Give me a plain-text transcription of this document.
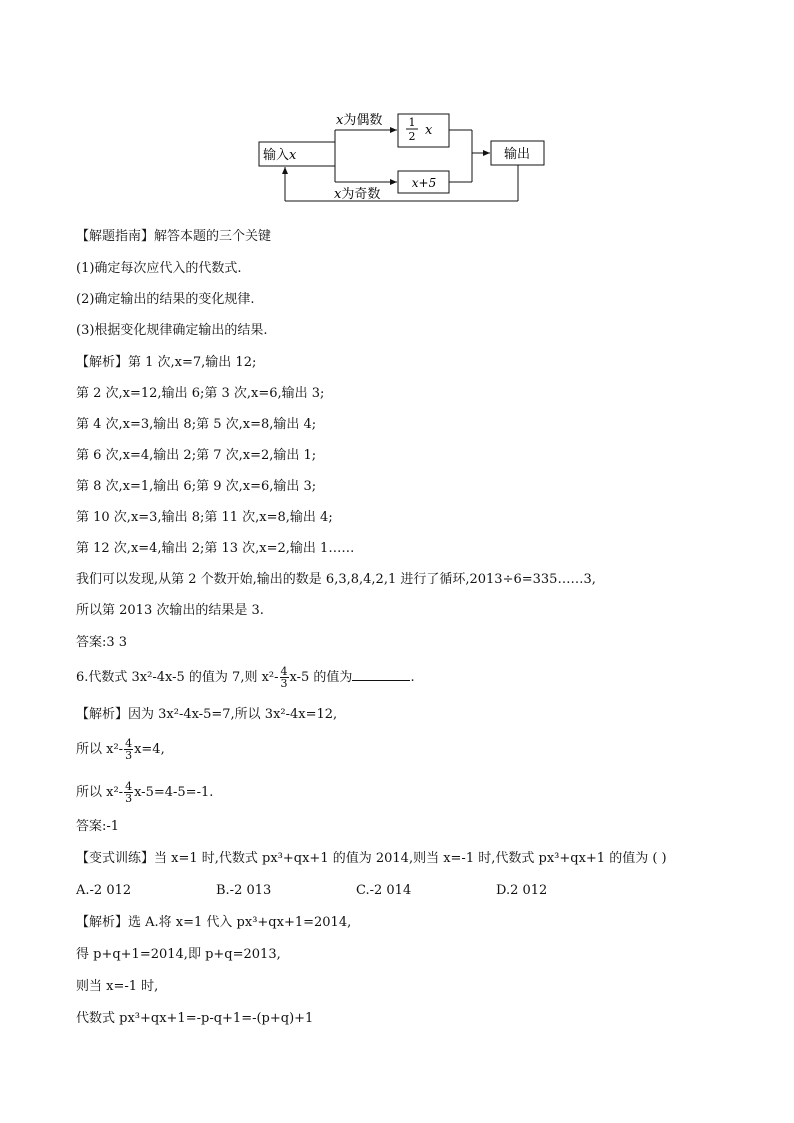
输入x
x为偶数
x为奇数
1
2 x
x+5
输出
【解题指南】解答本题的三个关键
(1)确定每次应代入的代数式.
(2)确定输出的结果的变化规律.
(3)根据变化规律确定输出的结果.
【解析】第 1 次,x=7,输出 12;
第 2 次,x=12,输出 6;第 3 次,x=6,输出 3;
第 4 次,x=3,输出 8;第 5 次,x=8,输出 4;
第 6 次,x=4,输出 2;第 7 次,x=2,输出 1;
第 8 次,x=1,输出 6;第 9 次,x=6,输出 3;
第 10 次,x=3,输出 8;第 11 次,x=8,输出 4;
第 12 次,x=4,输出 2;第 13 次,x=2,输出 1……
我们可以发现,从第 2 个数开始,输出的数是 6,3,8,4,2,1 进行了循环,2013÷6=335……3,
所以第 2013 次输出的结果是 3.
答案:3 3
6.代数式 3x²-4x-5 的值为 7,则 $x^2- \frac{4}{3} x-5$ 的值为	.
【解析】因为 3x²-4x-5=7,所以 3x²-4x=12,
所以 $x^2- \frac{4}{3} x=4$,
所以 $x^2- \frac{4}{3} x-5=4-5=-1$.
答案:-1
【变式训练】当 x=1 时,代数式 px³+qx+1 的值为 2014,则当 x=-1 时,代数式 px³+qx+1 的值为 ( )
A.-2 012	B.-2 013	C.-2 014	D.2 012
【解析】选 A.将 x=1 代入 px³+qx+1=2014,
得 p+q+1=2014,即 p+q=2013,
则当 x=-1 时,
代数式 px³+qx+1=-p-q+1=-(p+q)+1
